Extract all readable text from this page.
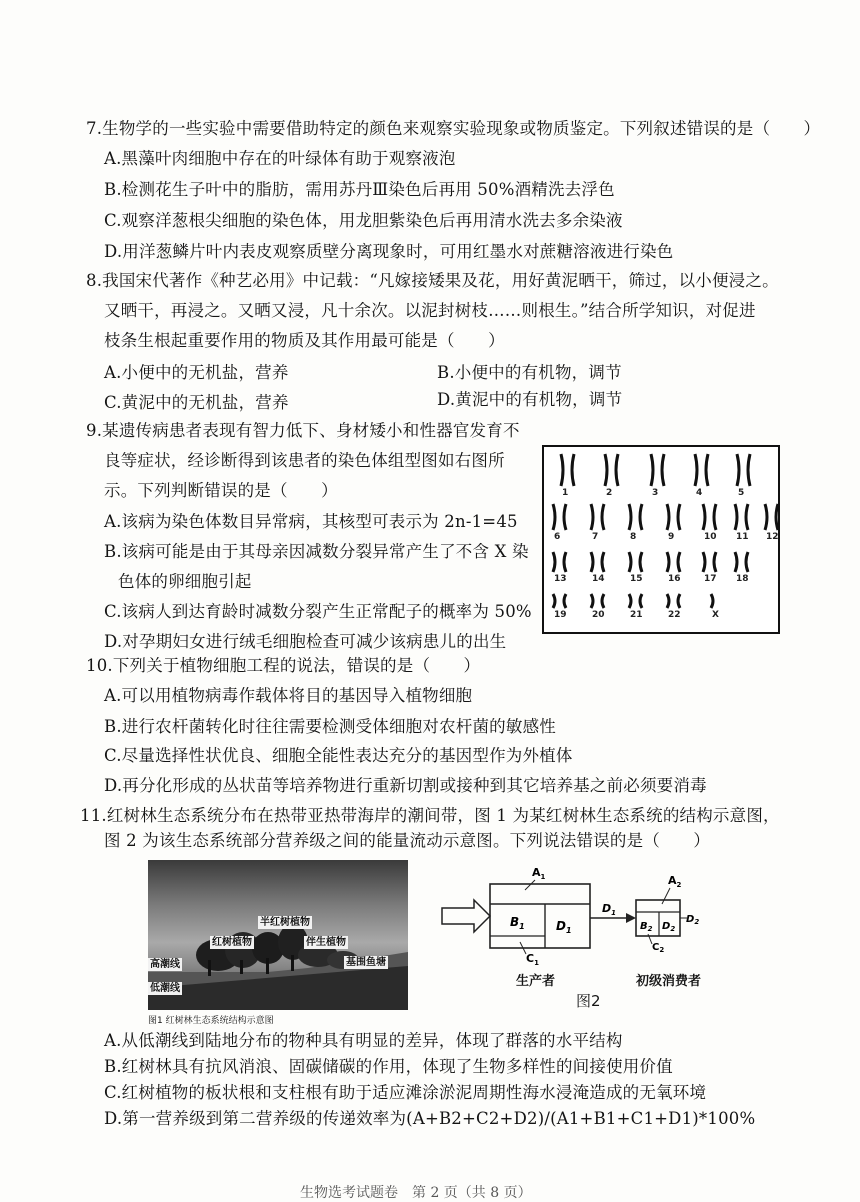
7.生物学的一些实验中需要借助特定的颜色来观察实验现象或物质鉴定。下列叙述错误的是（　　）
A.黑藻叶肉细胞中存在的叶绿体有助于观察液泡
B.检测花生子叶中的脂肪，需用苏丹Ⅲ染色后再用 50%酒精洗去浮色
C.观察洋葱根尖细胞的染色体，用龙胆紫染色后再用清水洗去多余染液
D.用洋葱鳞片叶内表皮观察质壁分离现象时，可用红墨水对蔗糖溶液进行染色
8.我国宋代著作《种艺必用》中记载：“凡嫁接矮果及花，用好黄泥晒干，筛过，以小便浸之。
又晒干，再浸之。又晒又浸，凡十余次。以泥封树枝……则根生。”结合所学知识，对促进
枝条生根起重要作用的物质及其作用最可能是（　　）
A.小便中的无机盐，营养	B.小便中的有机物，调节
C.黄泥中的无机盐，营养	D.黄泥中的有机物，调节
9.某遗传病患者表现有智力低下、身材矮小和性器官发育不
良等症状，经诊断得到该患者的染色体组型图如右图所
示。下列判断错误的是（　　）
A.该病为染色体数目异常病，其核型可表示为 2n-1=45
B.该病可能是由于其母亲因减数分裂异常产生了不含 X 染
色体的卵细胞引起
C.该病人到达育龄时减数分裂产生正常配子的概率为 50%
D.对孕期妇女进行绒毛细胞检查可减少该病患儿的出生
1	2	3	4	5
6	7	8	9	10 11 12
13	14	15	16	17 18
19	20	21	22	X
10.下列关于植物细胞工程的说法，错误的是（　　）
A.可以用植物病毒作载体将目的基因导入植物细胞
B.进行农杆菌转化时往往需要检测受体细胞对农杆菌的敏感性
C.尽量选择性状优良、细胞全能性表达充分的基因型作为外植体
D.再分化形成的丛状苗等培养物进行重新切割或接种到其它培养基之前必须要消毒
11.红树林生态系统分布在热带亚热带海岸的潮间带，图 1 为某红树林生态系统的结构示意图，
图 2 为该生态系统部分营养级之间的能量流动示意图。下列说法错误的是（　　）
半红树植物
红树植物	伴生植物
基围鱼塘
高潮线
低潮线
图1 红树林生态系统结构示意图
$A_1$
$B_1$	$D_1$
$C_1$
$D_1$
$A_2$
$B_2$ $D_2$
$D_2$
$C_2$
生产者	初级消费者
图2
A.从低潮线到陆地分布的物种具有明显的差异，体现了群落的水平结构
B.红树林具有抗风消浪、固碳储碳的作用，体现了生物多样性的间接使用价值
C.红树植物的板状根和支柱根有助于适应滩涂淤泥周期性海水浸淹造成的无氧环境
D.第一营养级到第二营养级的传递效率为(A+B2+C2+D2)/(A1+B1+C1+D1)*100%
生物选考试题卷　第 2 页（共 8 页）
